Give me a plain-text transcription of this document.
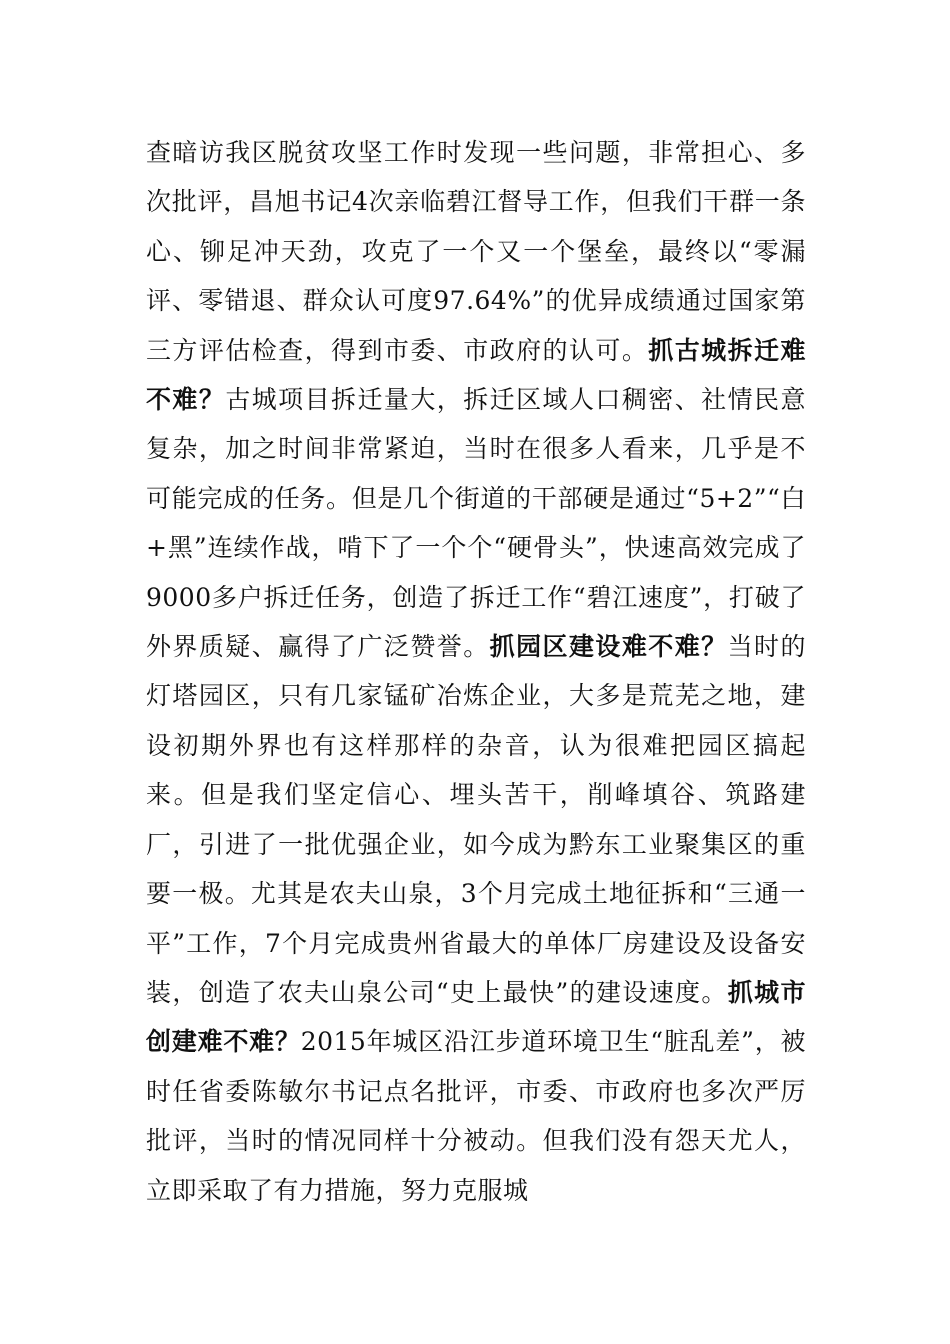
查暗访我区脱贫攻坚工作时发现一些问题，非常担心、多次批评，昌旭书记4次亲临碧江督导工作，但我们干群一条心、铆足冲天劲，攻克了一个又一个堡垒，最终以“零漏评、零错退、群众认可度97.64%”的优异成绩通过国家第三方评估检查，得到市委、市政府的认可。抓古城拆迁难不难？古城项目拆迁量大，拆迁区域人口稠密、社情民意复杂，加之时间非常紧迫，当时在很多人看来，几乎是不可能完成的任务。但是几个街道的干部硬是通过“5+2”“白+黑”连续作战，啃下了一个个“硬骨头”，快速高效完成了9000多户拆迁任务，创造了拆迁工作“碧江速度”，打破了外界质疑、赢得了广泛赞誉。抓园区建设难不难？当时的灯塔园区，只有几家锰矿冶炼企业，大多是荒芜之地，建设初期外界也有这样那样的杂音，认为很难把园区搞起来。但是我们坚定信心、埋头苦干，削峰填谷、筑路建厂，引进了一批优强企业，如今成为黔东工业聚集区的重要一极。尤其是农夫山泉，3个月完成土地征拆和“三通一平”工作，7个月完成贵州省最大的单体厂房建设及设备安装，创造了农夫山泉公司“史上最快”的建设速度。抓城市创建难不难？2015年城区沿江步道环境卫生“脏乱差”，被时任省委陈敏尔书记点名批评，市委、市政府也多次严厉批评，当时的情况同样十分被动。但我们没有怨天尤人，立即采取了有力措施，努力克服城
